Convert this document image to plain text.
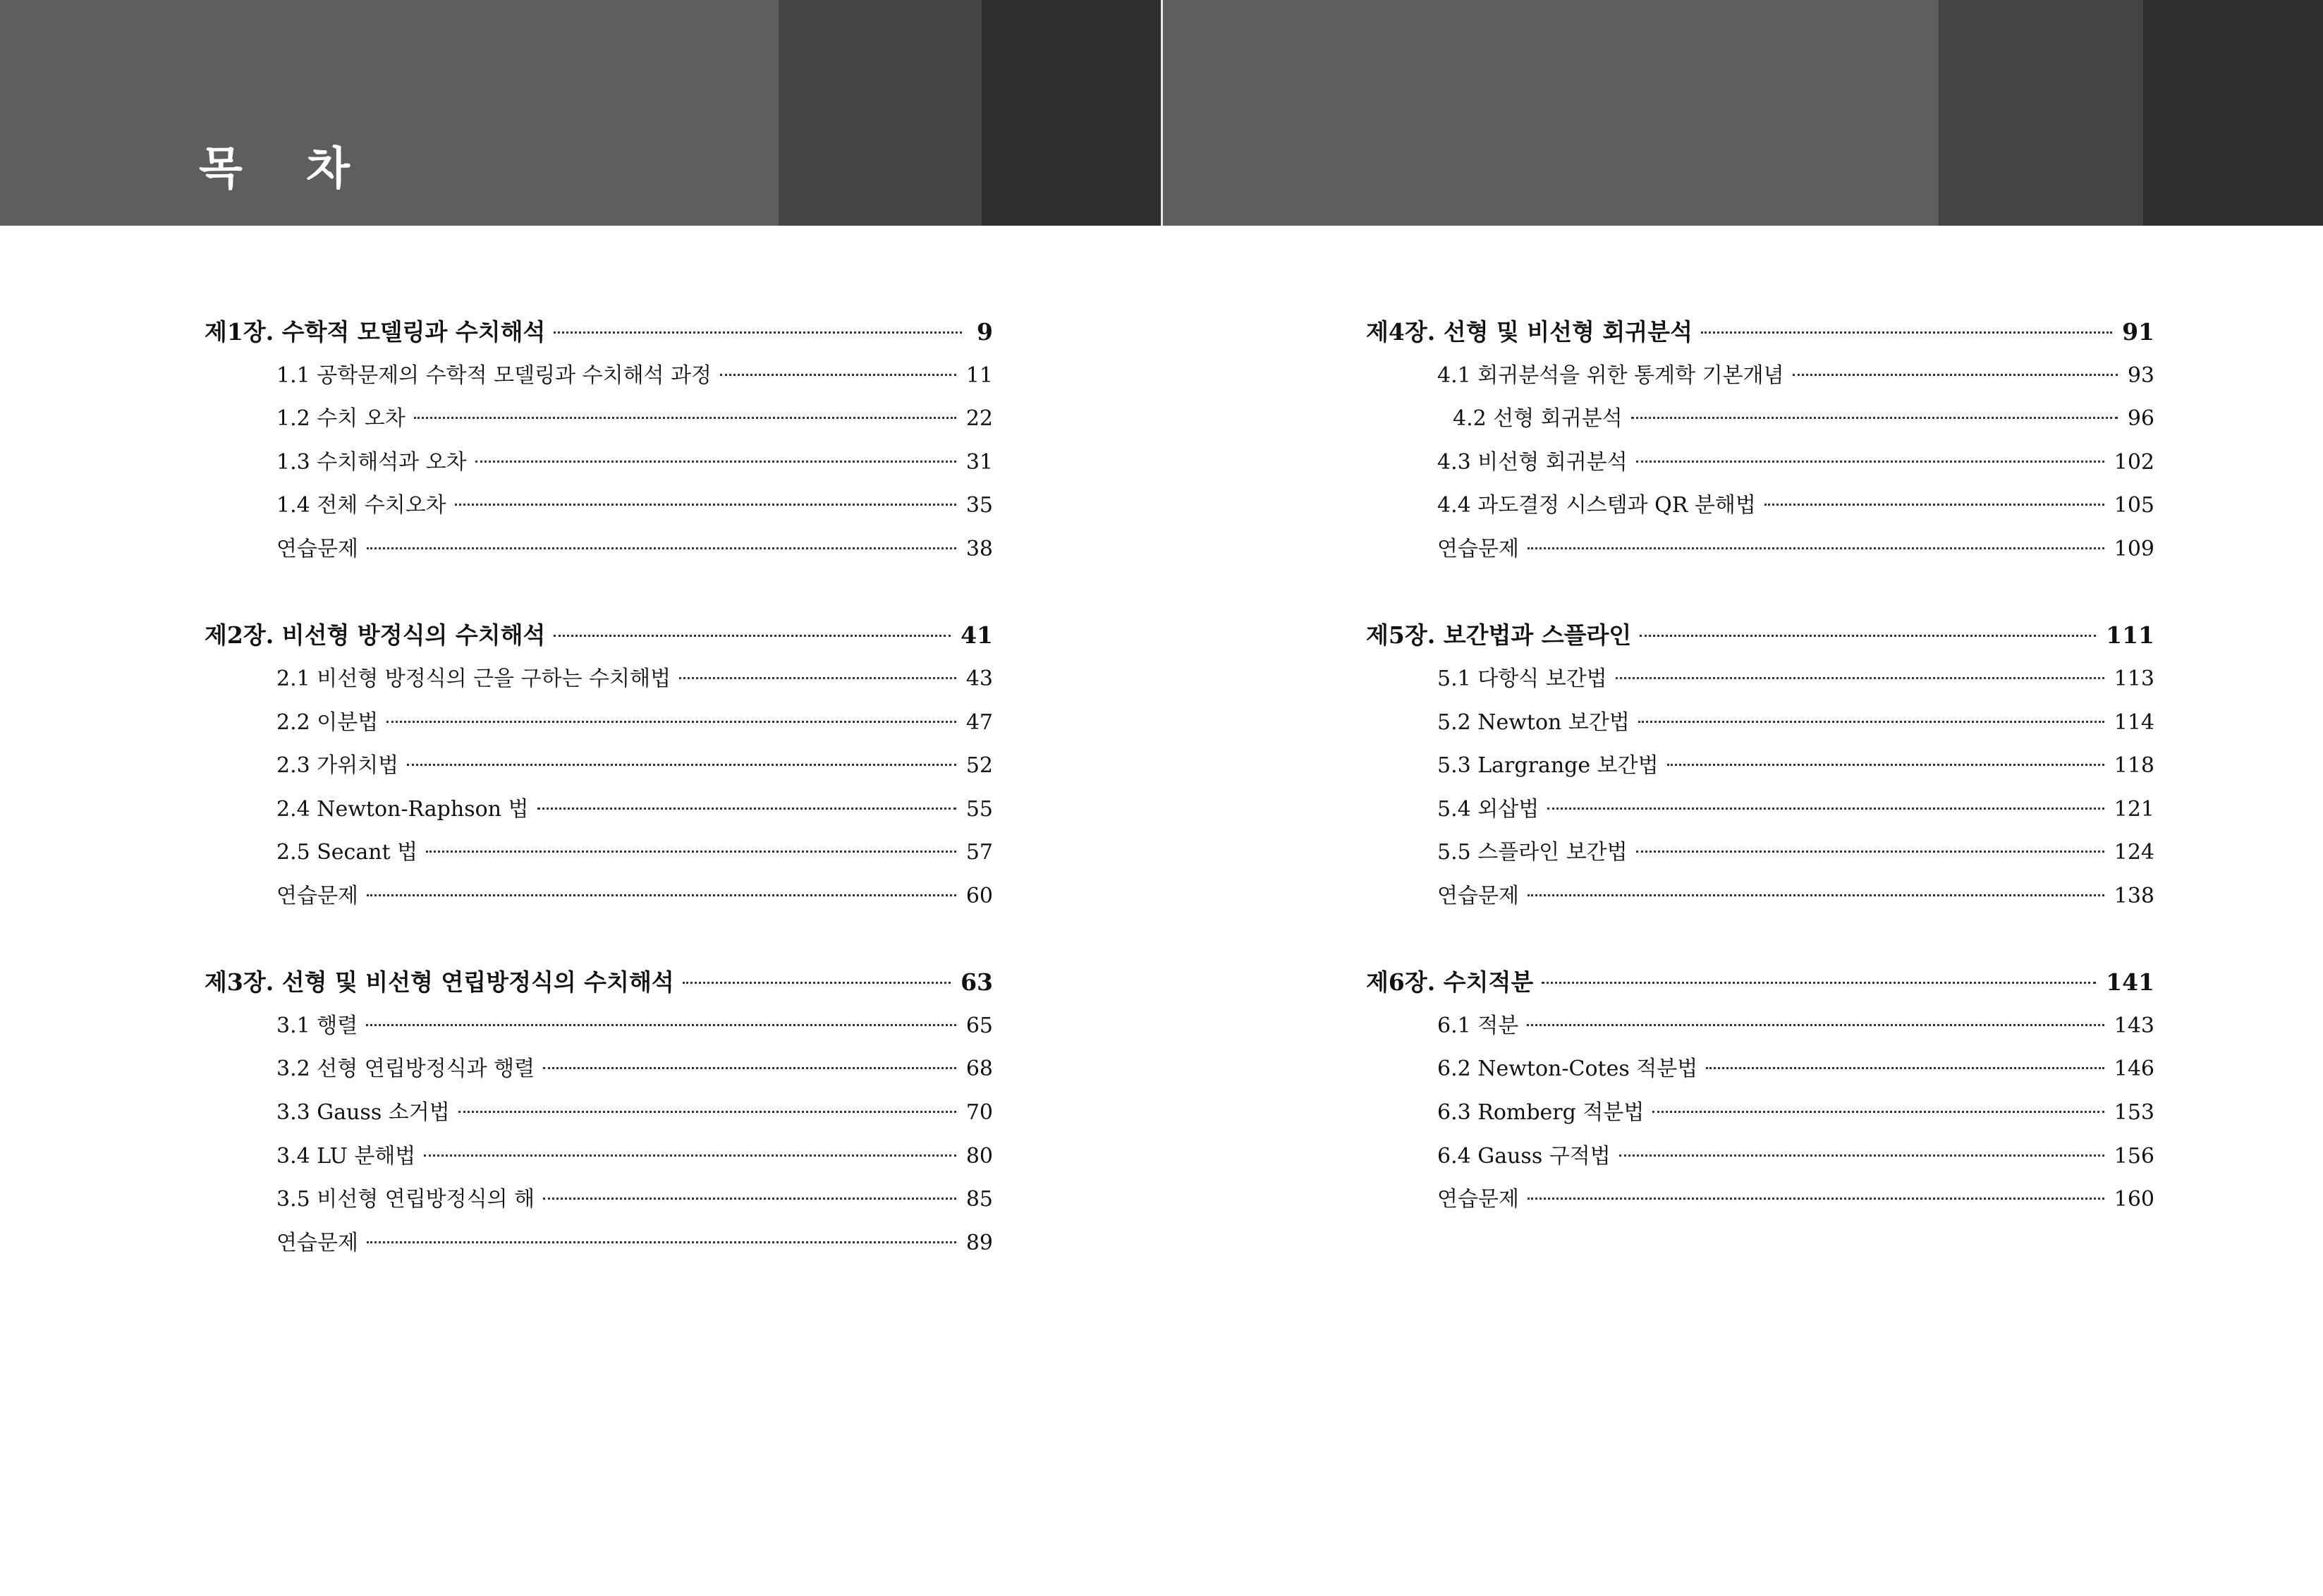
목 차
제1장. 수학적 모델링과 수치해석	9
1.1 공학문제의 수학적 모델링과 수치해석 과정	11
1.2 수치 오차	22
1.3 수치해석과 오차	31
1.4 전체 수치오차	35
연습문제	38
제2장. 비선형 방정식의 수치해석	41
2.1 비선형 방정식의 근을 구하는 수치해법	43
2.2 이분법	47
2.3 가위치법	52
2.4 Newton-Raphson 법	55
2.5 Secant 법	57
연습문제	60
제3장. 선형 및 비선형 연립방정식의 수치해석	63
3.1 행렬	65
3.2 선형 연립방정식과 행렬	68
3.3 Gauss 소거법	70
3.4 LU 분해법	80
3.5 비선형 연립방정식의 해	85
연습문제	89
제4장. 선형 및 비선형 회귀분석	91
4.1 회귀분석을 위한 통계학 기본개념	93
4.2 선형 회귀분석	96
4.3 비선형 회귀분석	102
4.4 과도결정 시스템과 QR 분해법	105
연습문제	109
제5장. 보간법과 스플라인	111
5.1 다항식 보간법	113
5.2 Newton 보간법	114
5.3 Largrange 보간법	118
5.4 외삽법	121
5.5 스플라인 보간법	124
연습문제	138
제6장. 수치적분	141
6.1 적분	143
6.2 Newton-Cotes 적분법	146
6.3 Romberg 적분법	153
6.4 Gauss 구적법	156
연습문제	160
